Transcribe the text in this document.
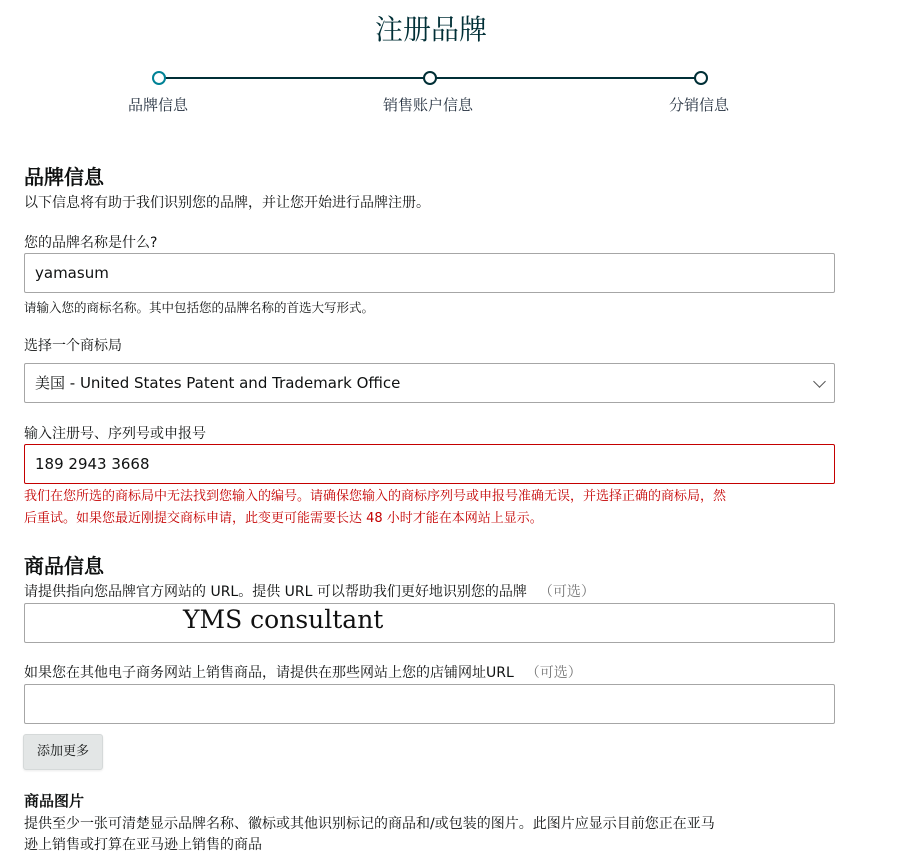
注册品牌
品牌信息	销售账户信息	分销信息
品牌信息
以下信息将有助于我们识别您的品牌，并让您开始进行品牌注册。
您的品牌名称是什么?
yamasum
请输入您的商标名称。其中包括您的品牌名称的首选大写形式。
选择一个商标局
美国 - United States Patent and Trademark Office
输入注册号、序列号或申报号
189 2943 3668
我们在您所选的商标局中无法找到您输入的编号。请确保您输入的商标序列号或申报号准确无误，并选择正确的商标局，然
后重试。如果您最近刚提交商标申请，此变更可能需要长达 48 小时才能在本网站上显示。
商品信息
请提供指向您品牌官方网站的 URL。提供 URL 可以帮助我们更好地识别您的品牌 （可选）
YMS consultant
如果您在其他电子商务网站上销售商品，请提供在那些网站上您的店铺网址URL （可选）
添加更多
商品图片
提供至少一张可清楚显示品牌名称、徽标或其他识别标记的商品和/或包装的图片。此图片应显示目前您正在亚马
逊上销售或打算在亚马逊上销售的商品
